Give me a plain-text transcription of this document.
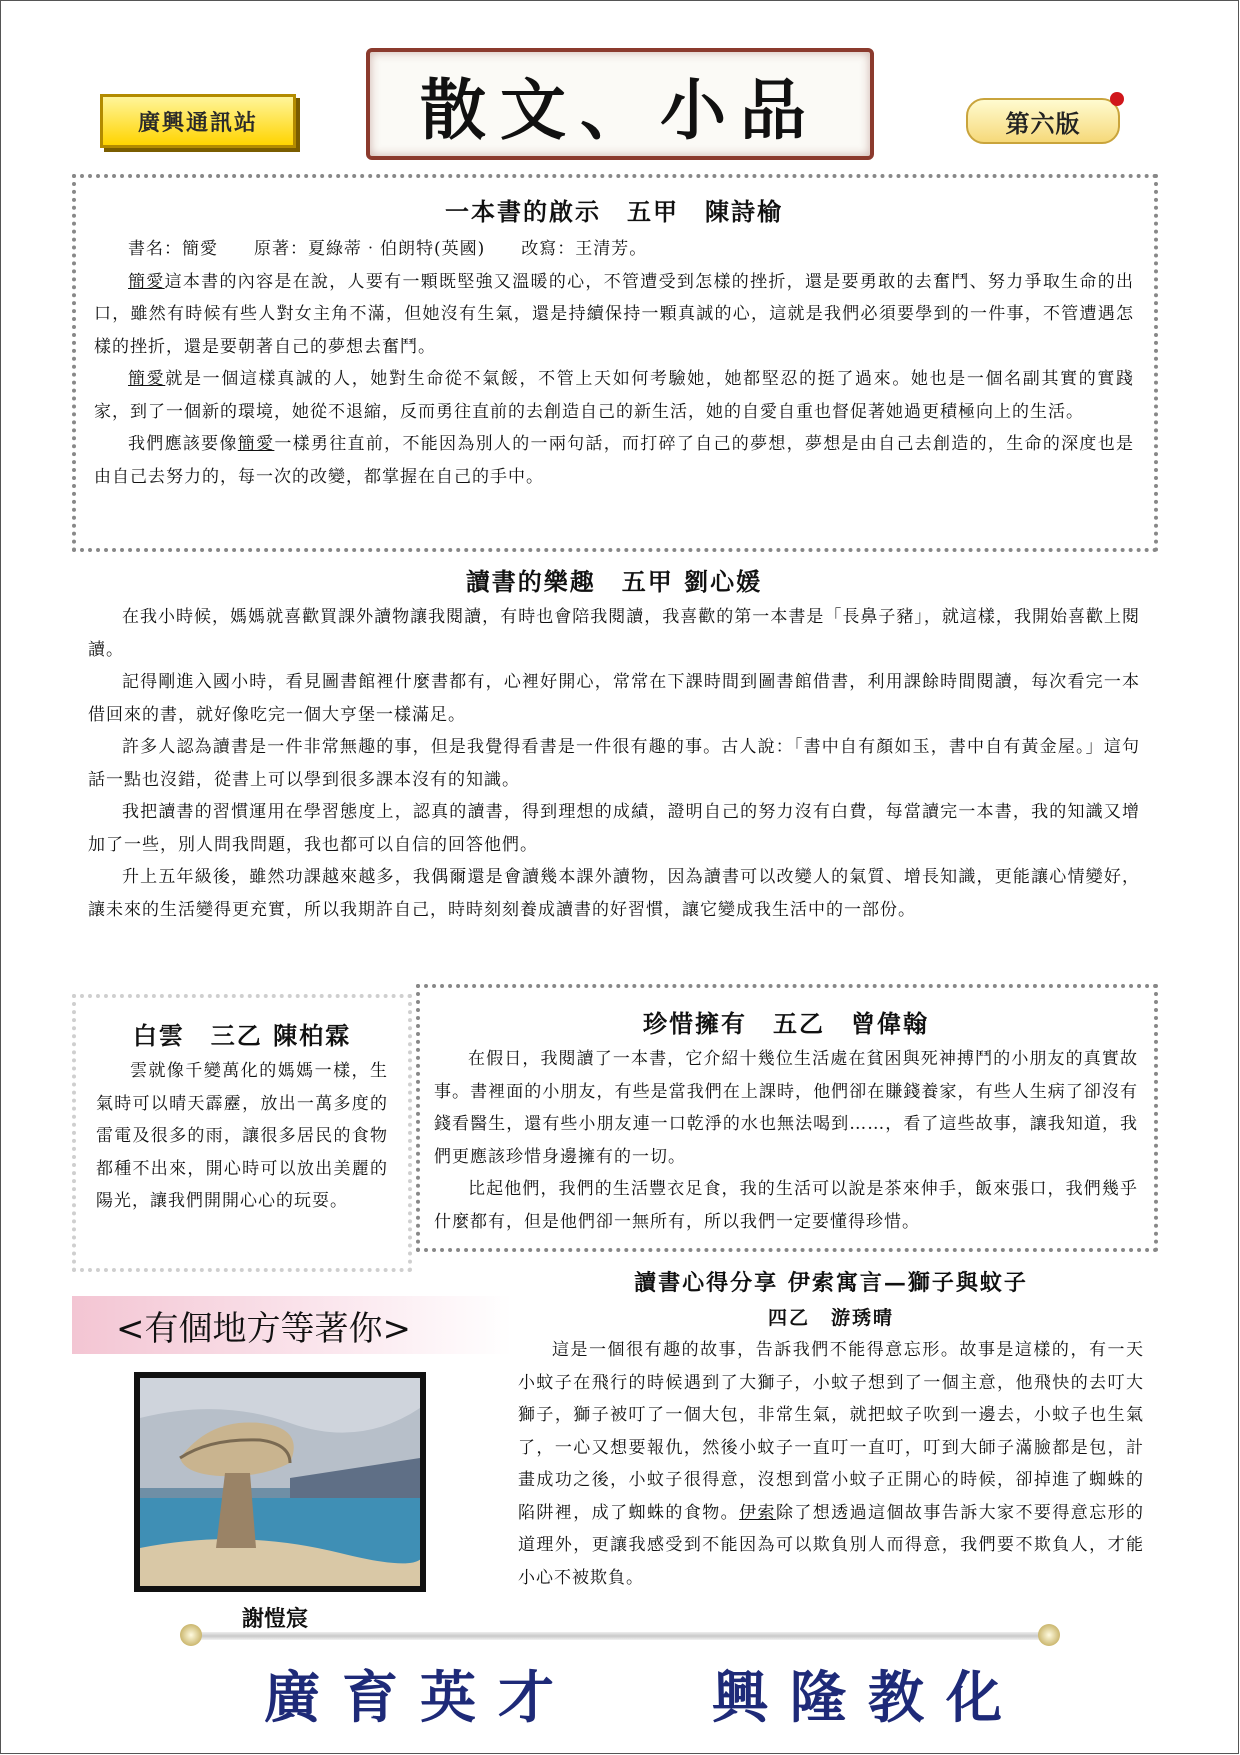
廣興通訊站	散文、小品	第六版
一本書的啟示　五甲　陳詩榆

書名：簡愛　　原著：夏綠蒂‧伯朗特(英國)　　改寫：王清芳。

簡愛這本書的內容是在說，人要有一顆既堅強又溫暖的心，不管遭受到怎樣的挫折，還是要勇敢的去奮鬥、努力爭取生命的出口，雖然有時候有些人對女主角不滿，但她沒有生氣，還是持續保持一顆真誠的心，這就是我們必須要學到的一件事，不管遭遇怎樣的挫折，還是要朝著自己的夢想去奮鬥。

簡愛就是一個這樣真誠的人，她對生命從不氣餒，不管上天如何考驗她，她都堅忍的挺了過來。她也是一個名副其實的實踐家，到了一個新的環境，她從不退縮，反而勇往直前的去創造自己的新生活，她的自愛自重也督促著她過更積極向上的生活。

我們應該要像簡愛一樣勇往直前，不能因為別人的一兩句話，而打碎了自己的夢想，夢想是由自己去創造的，生命的深度也是由自己去努力的，每一次的改變，都掌握在自己的手中。

讀書的樂趣　五甲 劉心媛

在我小時候，媽媽就喜歡買課外讀物讓我閱讀，有時也會陪我閱讀，我喜歡的第一本書是「長鼻子豬」，就這樣，我開始喜歡上閱讀。

記得剛進入國小時，看見圖書館裡什麼書都有，心裡好開心，常常在下課時間到圖書館借書，利用課餘時間閱讀，每次看完一本借回來的書，就好像吃完一個大亨堡一樣滿足。

許多人認為讀書是一件非常無趣的事，但是我覺得看書是一件很有趣的事。古人說：「書中自有顏如玉，書中自有黃金屋。」這句話一點也沒錯，從書上可以學到很多課本沒有的知識。

我把讀書的習慣運用在學習態度上，認真的讀書，得到理想的成績，證明自己的努力沒有白費，每當讀完一本書，我的知識又增加了一些，別人問我問題，我也都可以自信的回答他們。

升上五年級後，雖然功課越來越多，我偶爾還是會讀幾本課外讀物，因為讀書可以改變人的氣質、增長知識，更能讓心情變好，讓未來的生活變得更充實，所以我期許自己，時時刻刻養成讀書的好習慣，讓它變成我生活中的一部份。

白雲　三乙 陳柏霖

雲就像千變萬化的媽媽一樣，生氣時可以晴天霹靂，放出一萬多度的雷電及很多的雨，讓很多居民的食物都種不出來，開心時可以放出美麗的陽光，讓我們開開心心的玩耍。

珍惜擁有　五乙　曾偉翰

在假日，我閱讀了一本書，它介紹十幾位生活處在貧困與死神搏鬥的小朋友的真實故事。書裡面的小朋友，有些是當我們在上課時，他們卻在賺錢養家，有些人生病了卻沒有錢看醫生，還有些小朋友連一口乾淨的水也無法喝到……，看了這些故事，讓我知道，我們更應該珍惜身邊擁有的一切。

比起他們，我們的生活豐衣足食，我的生活可以說是茶來伸手，飯來張口，我們幾乎什麼都有，但是他們卻一無所有，所以我們一定要懂得珍惜。

<有個地方等著你>
謝愷宸
讀書心得分享 伊索寓言—獅子與蚊子
四乙　游琇晴

這是一個很有趣的故事，告訴我們不能得意忘形。故事是這樣的，有一天小蚊子在飛行的時候遇到了大獅子，小蚊子想到了一個主意，他飛快的去叮大獅子，獅子被叮了一個大包，非常生氣，就把蚊子吹到一邊去，小蚊子也生氣了，一心又想要報仇，然後小蚊子一直叮一直叮，叮到大師子滿臉都是包，計畫成功之後，小蚊子很得意，沒想到當小蚊子正開心的時候，卻掉進了蜘蛛的陷阱裡，成了蜘蛛的食物。伊索除了想透過這個故事告訴大家不要得意忘形的道理外，更讓我感受到不能因為可以欺負別人而得意，我們要不欺負人，才能小心不被欺負。

廣育英才 興隆教化
